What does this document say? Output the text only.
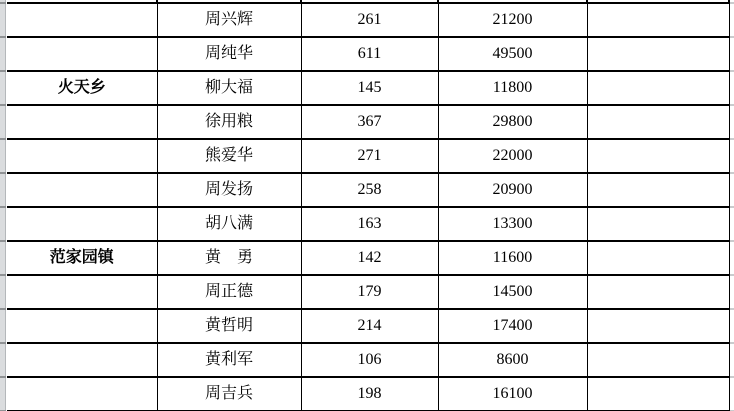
	周兴辉	261	21200	
	周纯华	611	49500	
火天乡	柳大福	145	11800	
	徐用粮	367	29800	
	熊爱华	271	22000	
	周发扬	258	20900	
	胡八满	163	13300	
范家园镇	黄　勇	142	11600	
	周正德	179	14500	
	黄哲明	214	17400	
	黄利军	106	8600	
	周吉兵	198	16100	
